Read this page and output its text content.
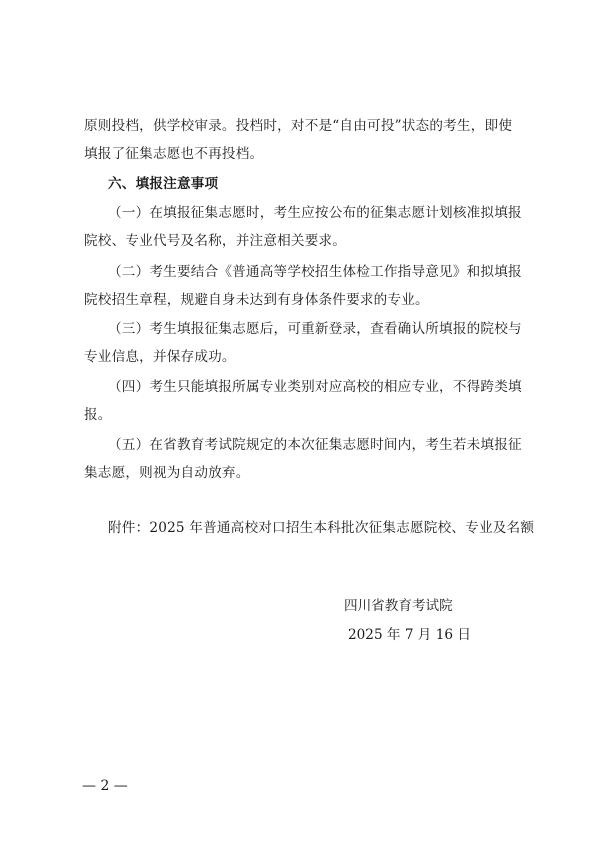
原则投档，供学校审录。投档时，对不是“自由可投”状态的考生，即使
填报了征集志愿也不再投档。
六、填报注意事项
（一）在填报征集志愿时，考生应按公布的征集志愿计划核准拟填报
院校、专业代号及名称，并注意相关要求。
（二）考生要结合《普通高等学校招生体检工作指导意见》和拟填报
院校招生章程，规避自身未达到有身体条件要求的专业。
（三）考生填报征集志愿后，可重新登录，查看确认所填报的院校与
专业信息，并保存成功。
（四）考生只能填报所属专业类别对应高校的相应专业，不得跨类填
报。
（五）在省教育考试院规定的本次征集志愿时间内，考生若未填报征
集志愿，则视为自动放弃。
附件：2025 年普通高校对口招生本科批次征集志愿院校、专业及名额
四川省教育考试院
2025 年 7 月 16 日
— 2 —
